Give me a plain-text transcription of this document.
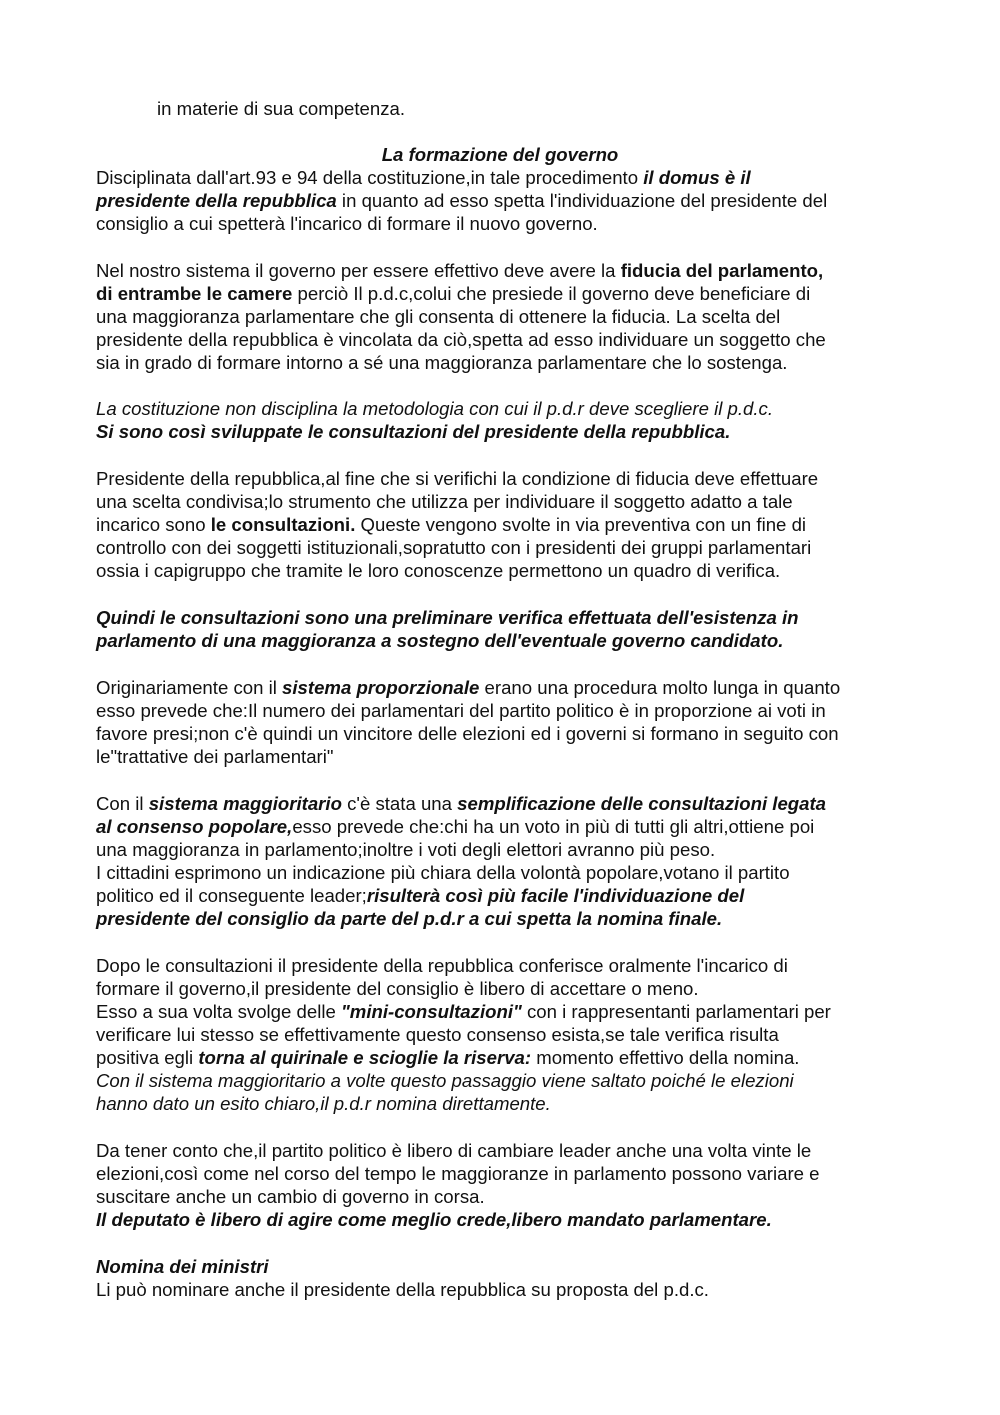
in materie di sua competenza.
La formazione del governo
Disciplinata dall'art.93 e 94 della costituzione,in tale procedimento il domus è il
presidente della repubblica in quanto ad esso spetta l'individuazione del presidente del
consiglio a cui spetterà l'incarico di formare il nuovo governo.
Nel nostro sistema il governo per essere effettivo deve avere la fiducia del parlamento,
di entrambe le camere perciò Il p.d.c,colui che presiede il governo deve beneficiare di
una maggioranza parlamentare che gli consenta di ottenere la fiducia. La scelta del
presidente della repubblica è vincolata da ciò,spetta ad esso individuare un soggetto che
sia in grado di formare intorno a sé una maggioranza parlamentare che lo sostenga.
La costituzione non disciplina la metodologia con cui il p.d.r deve scegliere il p.d.c.
Si sono così sviluppate le consultazioni del presidente della repubblica.
Presidente della repubblica,al fine che si verifichi la condizione di fiducia deve effettuare
una scelta condivisa;lo strumento che utilizza per individuare il soggetto adatto a tale
incarico sono le consultazioni. Queste vengono svolte in via preventiva con un fine di
controllo con dei soggetti istituzionali,sopratutto con i presidenti dei gruppi parlamentari
ossia i capigruppo che tramite le loro conoscenze permettono un quadro di verifica.
Quindi le consultazioni sono una preliminare verifica effettuata dell'esistenza in
parlamento di una maggioranza a sostegno dell'eventuale governo candidato.
Originariamente con il sistema proporzionale erano una procedura molto lunga in quanto
esso prevede che:Il numero dei parlamentari del partito politico è in proporzione ai voti in
favore presi;non c'è quindi un vincitore delle elezioni ed i governi si formano in seguito con
le"trattative dei parlamentari"
Con il sistema maggioritario c'è stata una semplificazione delle consultazioni legata
al consenso popolare,esso prevede che:chi ha un voto in più di tutti gli altri,ottiene poi
una maggioranza in parlamento;inoltre i voti degli elettori avranno più peso.
I cittadini esprimono un indicazione più chiara della volontà popolare,votano il partito
politico ed il conseguente leader;risulterà così più facile l'individuazione del
presidente del consiglio da parte del p.d.r a cui spetta la nomina finale.
Dopo le consultazioni il presidente della repubblica conferisce oralmente l'incarico di
formare il governo,il presidente del consiglio è libero di accettare o meno.
Esso a sua volta svolge delle "mini-consultazioni" con i rappresentanti parlamentari per
verificare lui stesso se effettivamente questo consenso esista,se tale verifica risulta
positiva egli torna al quirinale e scioglie la riserva: momento effettivo della nomina.
Con il sistema maggioritario a volte questo passaggio viene saltato poiché le elezioni
hanno dato un esito chiaro,il p.d.r nomina direttamente.
Da tener conto che,il partito politico è libero di cambiare leader anche una volta vinte le
elezioni,così come nel corso del tempo le maggioranze in parlamento possono variare e
suscitare anche un cambio di governo in corsa.
Il deputato è libero di agire come meglio crede,libero mandato parlamentare.
Nomina dei ministri
Li può nominare anche il presidente della repubblica su proposta del p.d.c.
